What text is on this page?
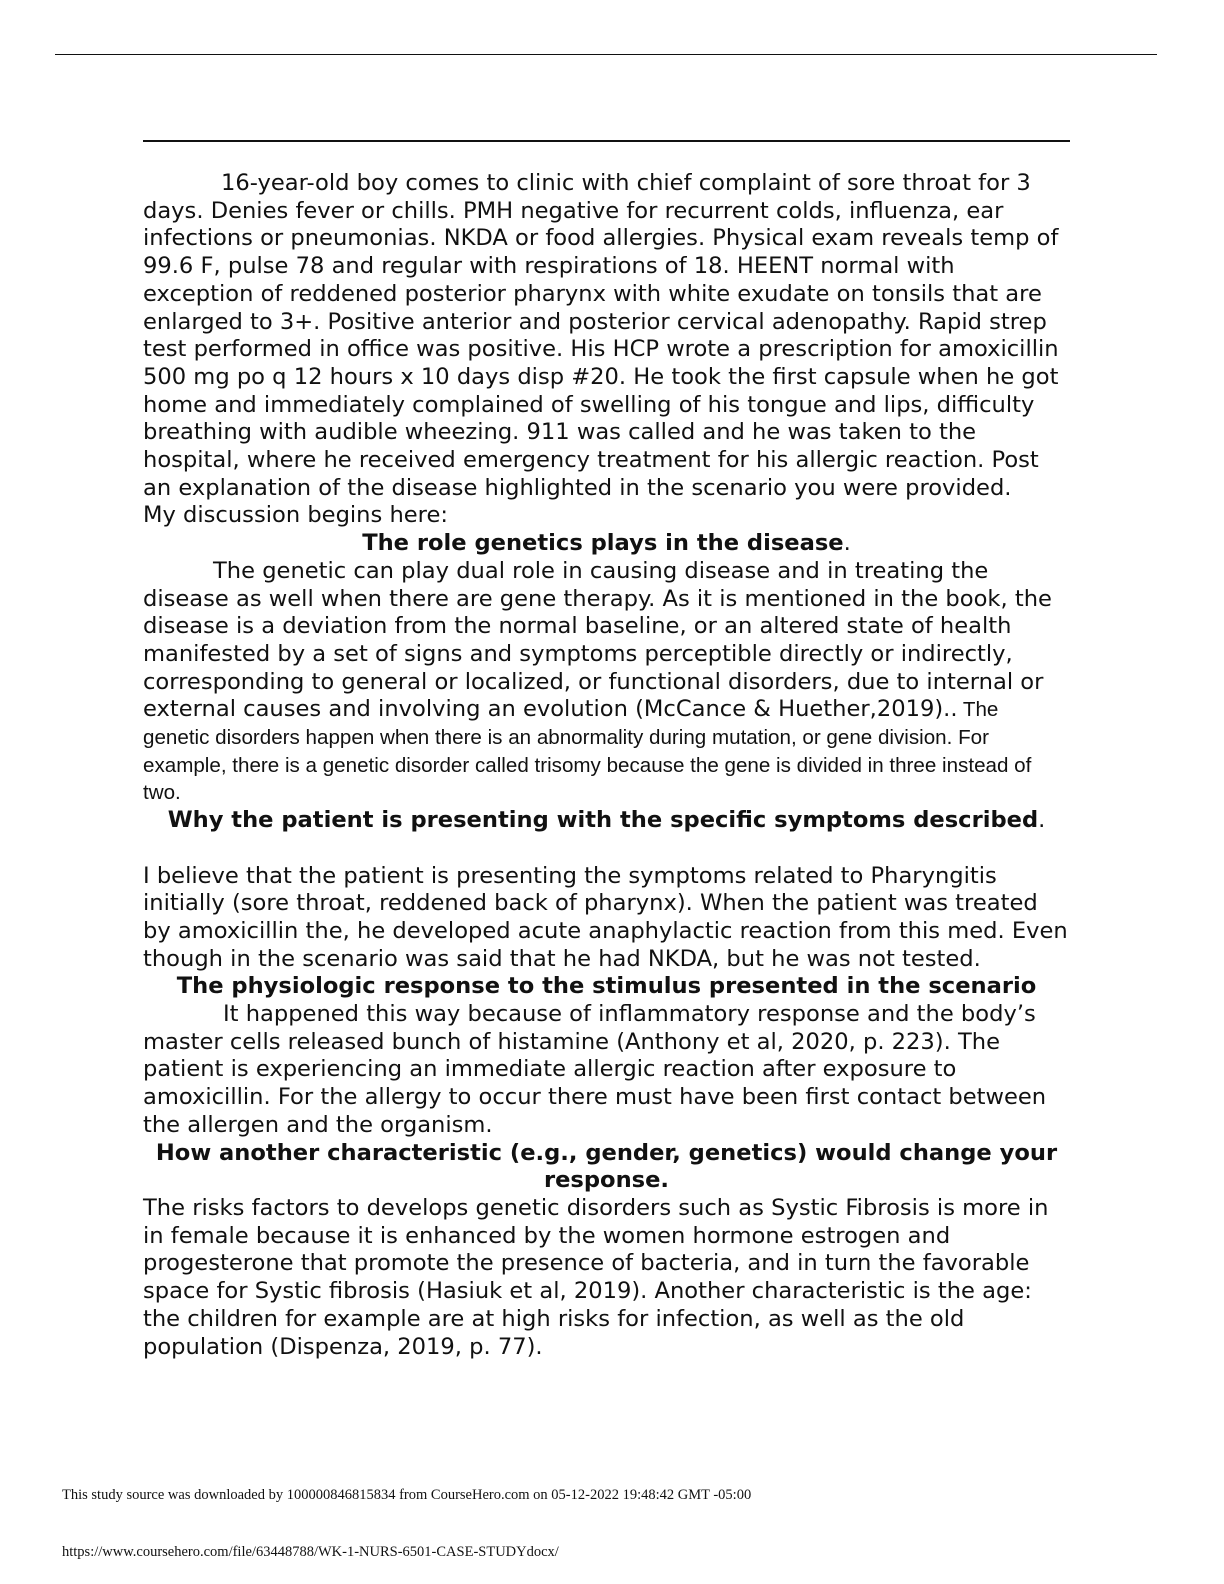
16-year-old boy comes to clinic with chief complaint of sore throat for 3 days. Denies fever or chills. PMH negative for recurrent colds, influenza, ear infections or pneumonias. NKDA or food allergies. Physical exam reveals temp of 99.6 F, pulse 78 and regular with respirations of 18. HEENT normal with exception of reddened posterior pharynx with white exudate on tonsils that are enlarged to 3+. Positive anterior and posterior cervical adenopathy. Rapid strep test performed in office was positive. His HCP wrote a prescription for amoxicillin 500 mg po q 12 hours x 10 days disp #20. He took the first capsule when he got home and immediately complained of swelling of his tongue and lips, difficulty breathing with audible wheezing. 911 was called and he was taken to the hospital, where he received emergency treatment for his allergic reaction. Post an explanation of the disease highlighted in the scenario you were provided.

My discussion begins here:

The role genetics plays in the disease.

The genetic can play dual role in causing disease and in treating the disease as well when there are gene therapy. As it is mentioned in the book, the disease is a deviation from the normal baseline, or an altered state of health manifested by a set of signs and symptoms perceptible directly or indirectly, corresponding to general or localized, or functional disorders, due to internal or external causes and involving an evolution (McCance & Huether,2019).. The genetic disorders happen when there is an abnormality during mutation, or gene division. For example, there is a genetic disorder called trisomy because the gene is divided in three instead of two.

Why the patient is presenting with the specific symptoms described.

I believe that the patient is presenting the symptoms related to Pharyngitis initially (sore throat, reddened back of pharynx). When the patient was treated by amoxicillin the, he developed acute anaphylactic reaction from this med. Even though in the scenario was said that he had NKDA, but he was not tested.

The physiologic response to the stimulus presented in the scenario

It happened this way because of inflammatory response and the body’s master cells released bunch of histamine (Anthony et al, 2020, p. 223). The patient is experiencing an immediate allergic reaction after exposure to amoxicillin. For the allergy to occur there must have been first contact between the allergen and the organism.

How another characteristic (e.g., gender, genetics) would change your response.

The risks factors to develops genetic disorders such as Systic Fibrosis is more in in female because it is enhanced by the women hormone estrogen and progesterone that promote the presence of bacteria, and in turn the favorable space for Systic fibrosis (Hasiuk et al, 2019). Another characteristic is the age: the children for example are at high risks for infection, as well as the old population (Dispenza, 2019, p. 77).

This study source was downloaded by 100000846815834 from CourseHero.com on 05-12-2022 19:48:42 GMT -05:00
https://www.coursehero.com/file/63448788/WK-1-NURS-6501-CASE-STUDYdocx/
